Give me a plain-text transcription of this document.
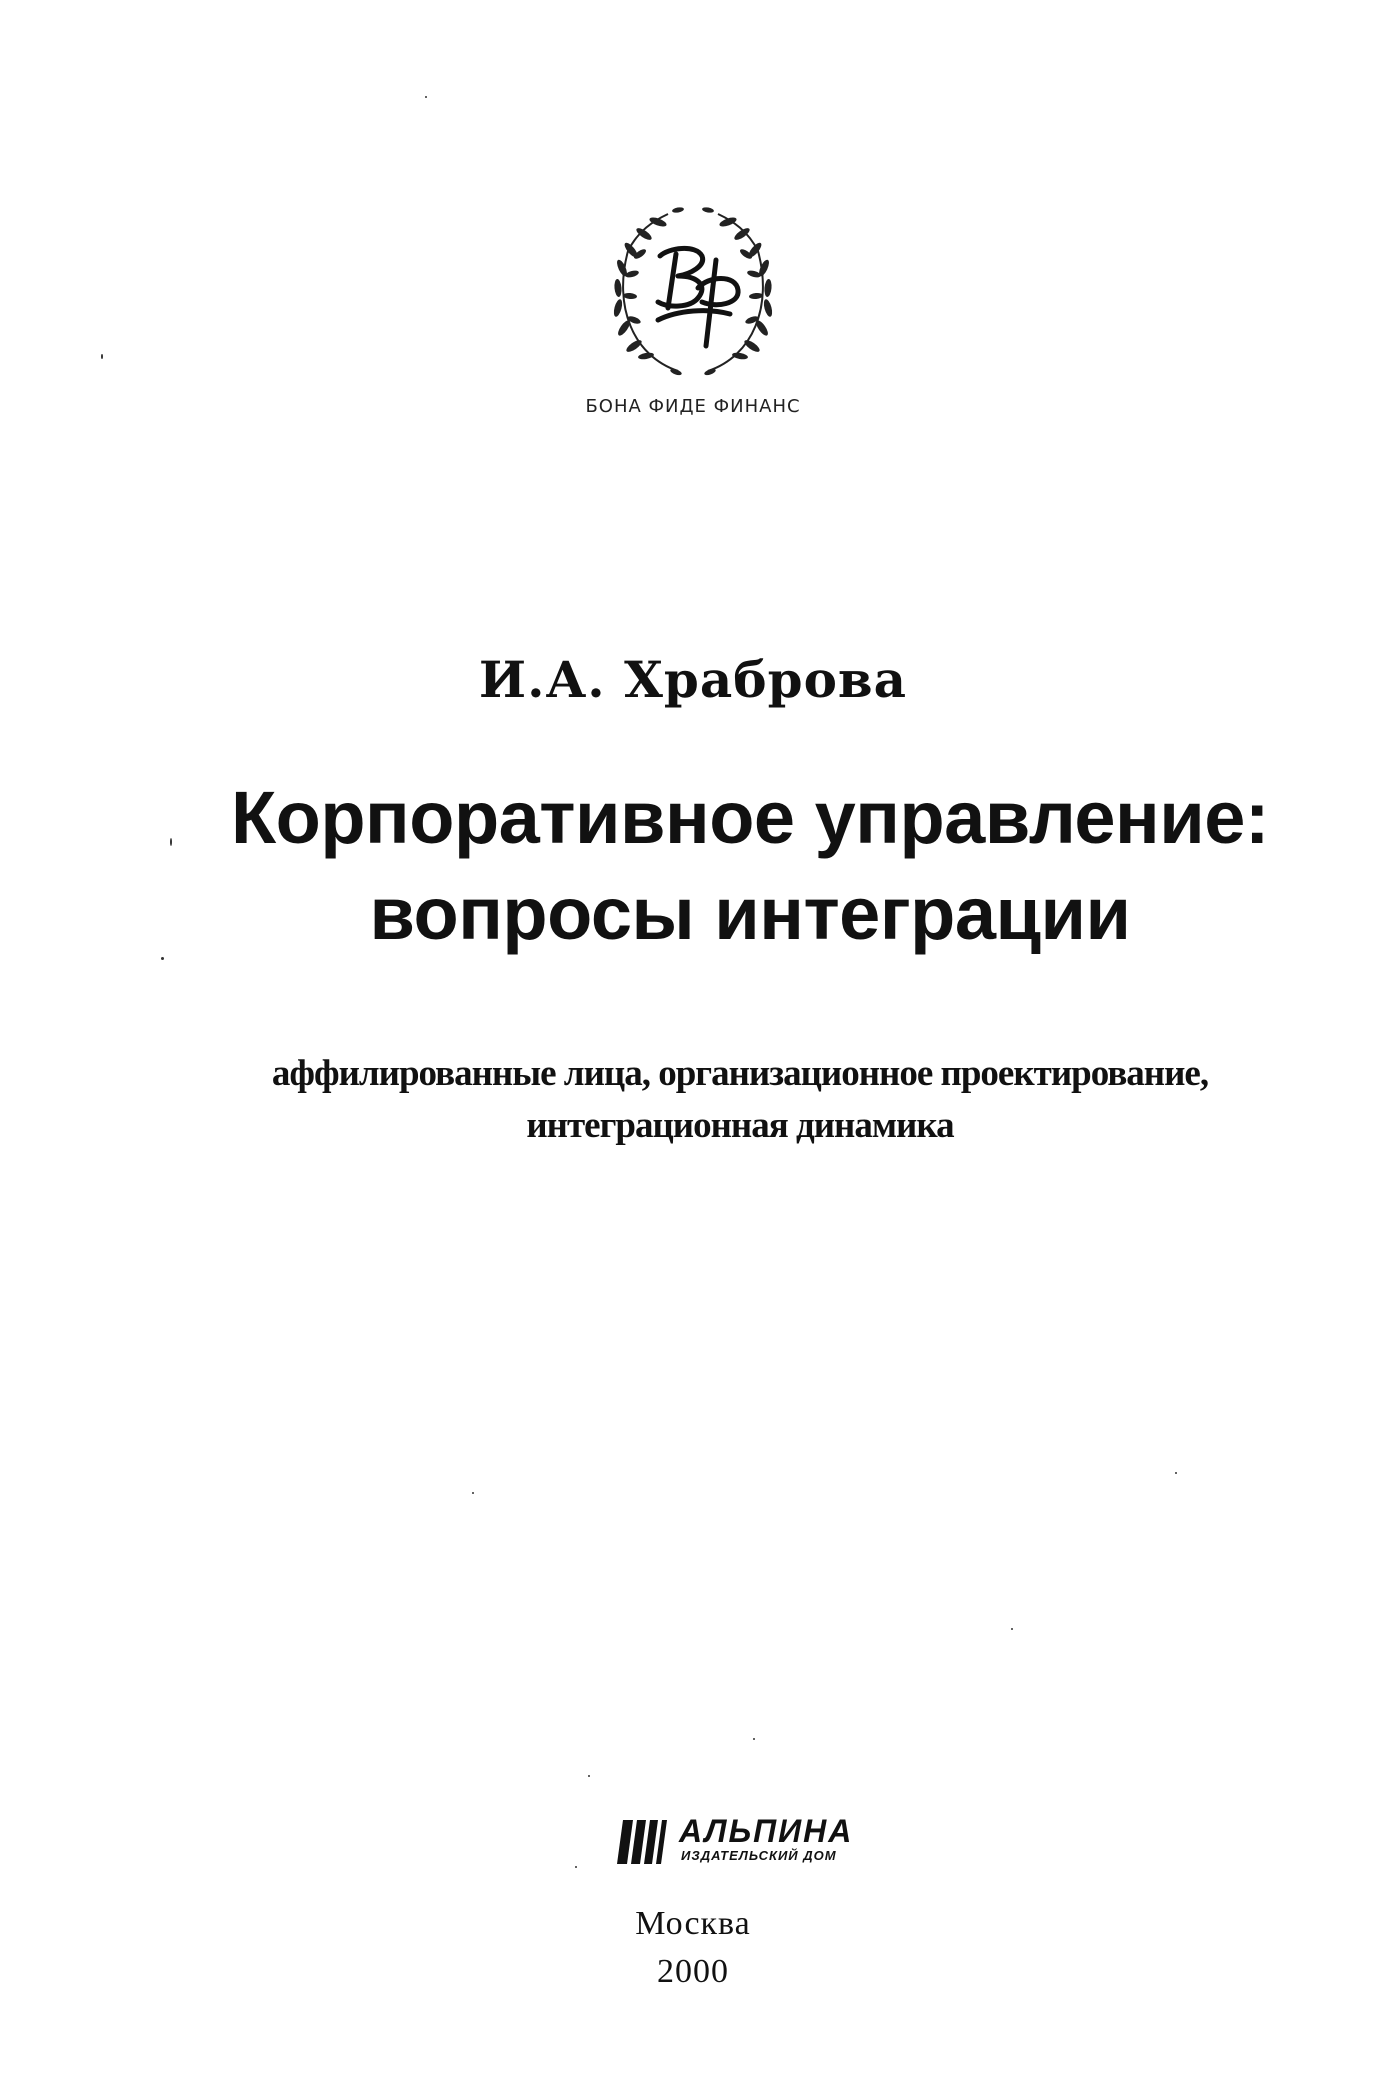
БОНА ФИДЕ ФИНАНС
И.А. Храброва
Корпоративное управление:
вопросы интеграции
аффилированные лица, организационное проектирование,
интеграционная динамика
АЛЬПИНА
ИЗДАТЕЛЬСКИЙ ДОМ
Москва
2000
